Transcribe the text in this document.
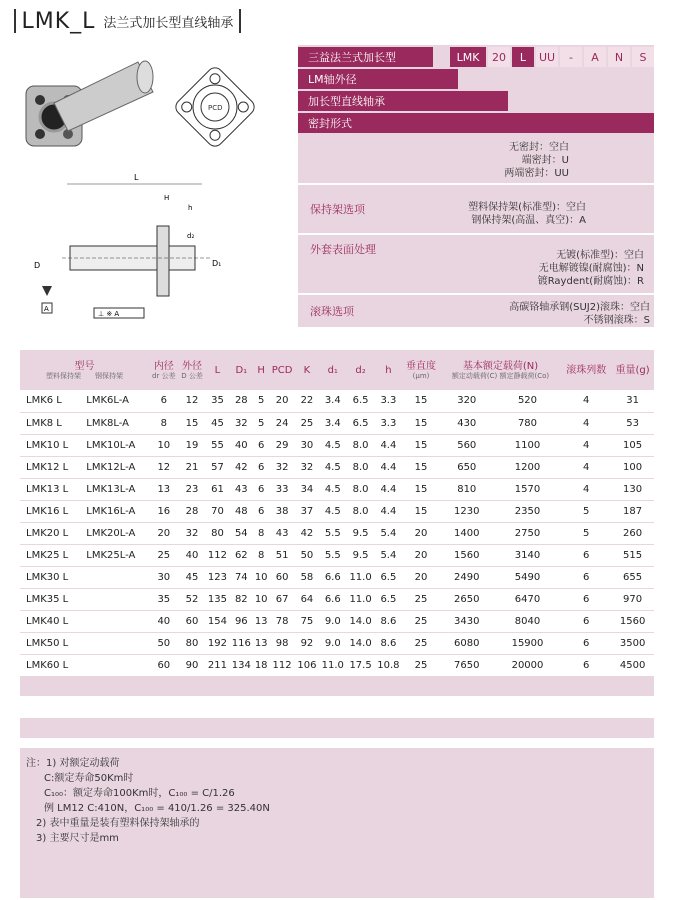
LMK_L 法兰式加长型直线轴承
PCD
L
D	D₁
H
h
d₂
A
⊥ ※ A
三益法兰式加长型	LMK	20	L	UU	-	A	N	S
LM轴外径
加长型直线轴承
密封形式
无密封：空白
端密封：U
两端密封：UU
保持架选项	塑料保持架(标准型)：空白
钢保持架(高温、真空)：A
外套表面处理	无镀(标准型)：空白
无电解镀镍(耐腐蚀)：N
镀Raydent(耐腐蚀)：R
滚珠选项	高碳铬轴承钢(SUJ2)滚珠：空白
不锈钢滚珠：S
型号
塑料保持架　　 钢保持架		内径
dr 公差	外径
D 公差	L	D₁	H	PCD	K	d₁	d₂	h	垂直度
(μm)	基本额定载荷(N)
额定动载荷(C) 额定静载荷(Co)		滚珠列数	重量(g)
LMK6 L	LMK6L-A	6	12	35	28	5	20	22	3.4	6.5	3.3	15	320	520	4	31
LMK8 L	LMK8L-A	8	15	45	32	5	24	25	3.4	6.5	3.3	15	430	780	4	53
LMK10 L	LMK10L-A	10	19	55	40	6	29	30	4.5	8.0	4.4	15	560	1100	4	105
LMK12 L	LMK12L-A	12	21	57	42	6	32	32	4.5	8.0	4.4	15	650	1200	4	100
LMK13 L	LMK13L-A	13	23	61	43	6	33	34	4.5	8.0	4.4	15	810	1570	4	130
LMK16 L	LMK16L-A	16	28	70	48	6	38	37	4.5	8.0	4.4	15	1230	2350	5	187
LMK20 L	LMK20L-A	20	32	80	54	8	43	42	5.5	9.5	5.4	20	1400	2750	5	260
LMK25 L	LMK25L-A	25	40	112	62	8	51	50	5.5	9.5	5.4	20	1560	3140	6	515
LMK30 L		30	45	123	74	10	60	58	6.6	11.0	6.5	20	2490	5490	6	655
LMK35 L		35	52	135	82	10	67	64	6.6	11.0	6.5	25	2650	6470	6	970
LMK40 L		40	60	154	96	13	78	75	9.0	14.0	8.6	25	3430	8040	6	1560
LMK50 L		50	80	192	116	13	98	92	9.0	14.0	8.6	25	6080	15900	6	3500
LMK60 L		60	90	211	134	18	112	106	11.0	17.5	10.8	25	7650	20000	6	4500
注：1) 对额定动载荷
C:额定寿命50Km时
C₁₀₀：额定寿命100Km时，C₁₀₀ = C/1.26
例 LM12 C:410N，C₁₀₀ = 410/1.26 = 325.40N
2) 表中重量是装有塑料保持架轴承的
3) 主要尺寸是mm
